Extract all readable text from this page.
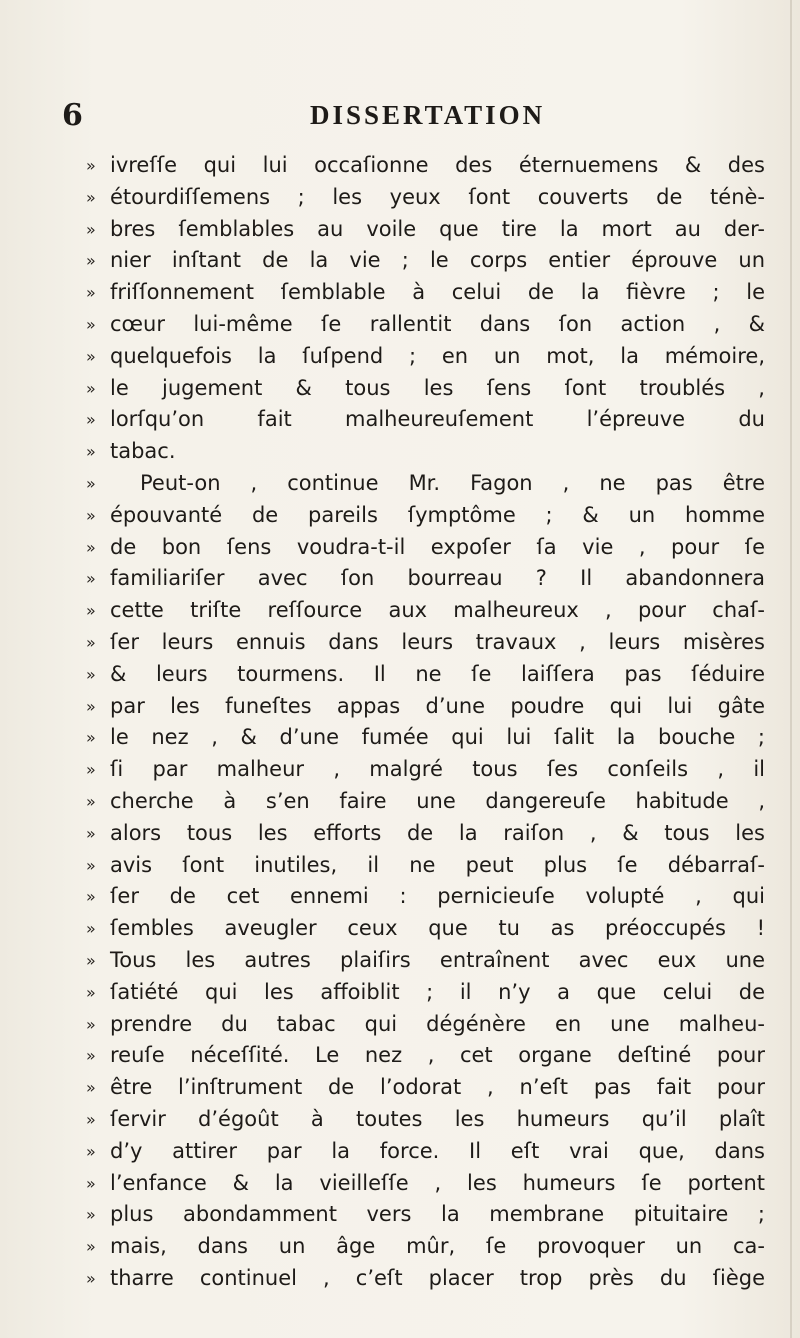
6	DISSERTATION
» ivreſſe qui lui occaſionne des éternuemens & des
» étourdiſſemens ; les yeux ſont couverts de ténè-
» bres ſemblables au voile que tire la mort au der-
» nier inſtant de la vie ; le corps entier éprouve un
» friſſonnement ſemblable à celui de la fièvre ; le
» cœur lui-même ſe rallentit dans ſon action , &
» quelquefois la ſuſpend ; en un mot, la mémoire,
» le jugement & tous les ſens ſont troublés ,
» lorſqu’on fait malheureuſement l’épreuve du
» tabac.
» Peut-on , continue Mr. Fagon , ne pas être
» épouvanté de pareils ſymptôme ; & un homme
» de bon ſens voudra-t-il expoſer ſa vie , pour ſe
» familiariſer avec ſon bourreau ? Il abandonnera
» cette triſte reſſource aux malheureux , pour chaſ-
» ſer leurs ennuis dans leurs travaux , leurs misères
» & leurs tourmens. Il ne ſe laiſſera pas ſéduire
» par les funeſtes appas d’une poudre qui lui gâte
» le nez , & d’une fumée qui lui ſalit la bouche ;
» ſi par malheur , malgré tous ſes conſeils , il
» cherche à s’en faire une dangereuſe habitude ,
» alors tous les efforts de la raiſon , & tous les
» avis ſont inutiles, il ne peut plus ſe débarraſ-
» ſer de cet ennemi : pernicieuſe volupté , qui
» ſembles aveugler ceux que tu as préoccupés !
» Tous les autres plaiſirs entraînent avec eux une
» ſatiété qui les affoiblit ; il n’y a que celui de
» prendre du tabac qui dégénère en une malheu-
» reuſe néceſſité. Le nez , cet organe deſtiné pour
» être l’inſtrument de l’odorat , n’eſt pas fait pour
» ſervir d’égoût à toutes les humeurs qu’il plaît
» d’y attirer par la force. Il eſt vrai que, dans
» l’enfance & la vieilleſſe , les humeurs ſe portent
» plus abondamment vers la membrane pituitaire ;
» mais, dans un âge mûr, ſe provoquer un ca-
» tharre continuel , c’eſt placer trop près du ſiège
